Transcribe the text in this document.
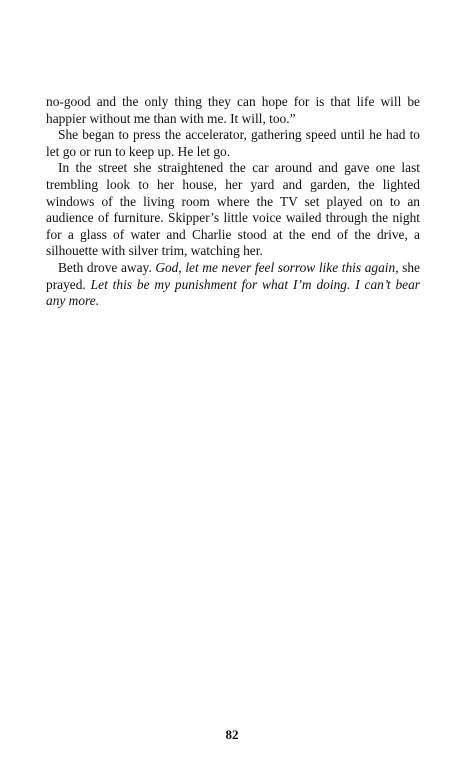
no-good and the only thing they can hope for is that life will be happier without me than with me. It will, too.”

She began to press the accelerator, gathering speed until he had to let go or run to keep up. He let go.

In the street she straightened the car around and gave one last trembling look to her house, her yard and garden, the lighted windows of the living room where the TV set played on to an audience of furniture. Skipper’s little voice wailed through the night for a glass of water and Charlie stood at the end of the drive, a silhouette with silver trim, watching her.

Beth drove away. God, let me never feel sorrow like this again, she prayed. Let this be my punishment for what I’m doing. I can’t bear any more.

82
